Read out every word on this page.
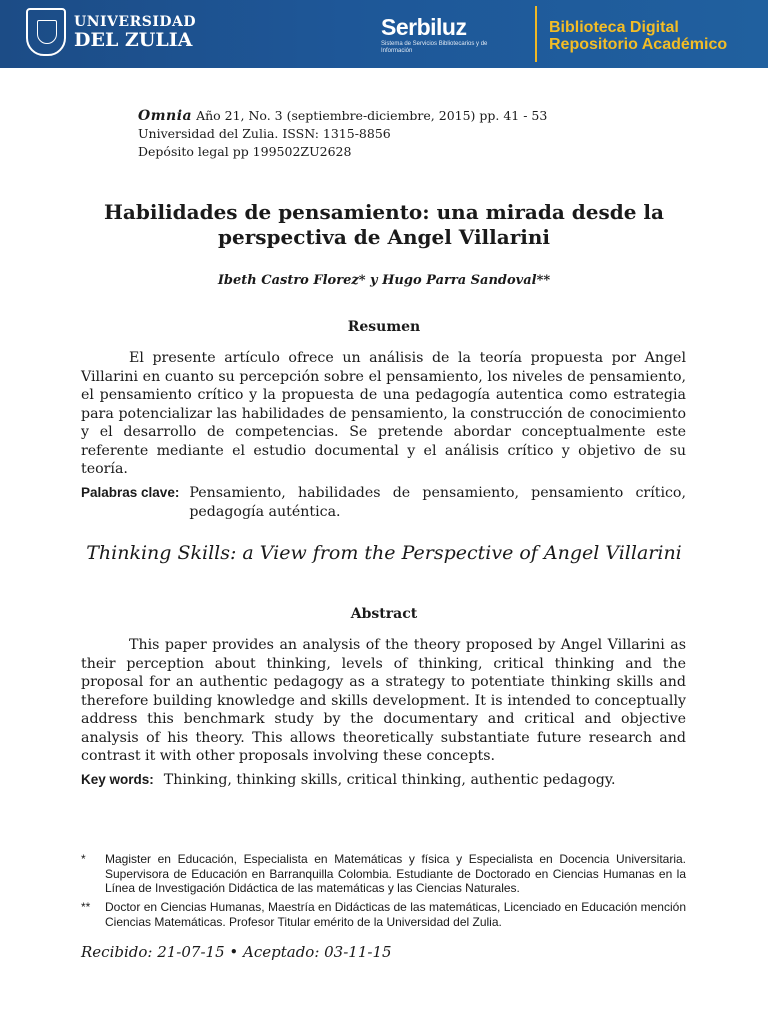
UNIVERSIDAD
DEL ZULIA	Serbiluz
Sistema de Servicios Bibliotecarios y de Información
Biblioteca Digital
Repositorio Académico
Omnia Año 21, No. 3 (septiembre-diciembre, 2015) pp. 41 - 53
Universidad del Zulia. ISSN: 1315-8856
Depósito legal pp 199502ZU2628
Habilidades de pensamiento: una mirada desde la perspectiva de Angel Villarini
Ibeth Castro Florez* y Hugo Parra Sandoval**
Resumen

El presente artículo ofrece un análisis de la teoría propuesta por Angel Villarini en cuanto su percepción sobre el pensamiento, los niveles de pensamiento, el pensamiento crítico y la propuesta de una pedagogía autentica como estrategia para potencializar las habilidades de pensamiento, la construcción de conocimiento y el desarrollo de competencias. Se pretende abordar conceptualmente este referente mediante el estudio documental y el análisis crítico y objetivo de su teoría.

Palabras clave: Pensamiento, habilidades de pensamiento, pensamiento crítico, pedagogía auténtica.
Thinking Skills: a View from the Perspective of Angel Villarini
Abstract

This paper provides an analysis of the theory proposed by Angel Villarini as their perception about thinking, levels of thinking, critical thinking and the proposal for an authentic pedagogy as a strategy to potentiate thinking skills and therefore building knowledge and skills development. It is intended to conceptually address this benchmark study by the documentary and critical and objective analysis of his theory. This allows theoretically substantiate future research and contrast it with other proposals involving these concepts.

Key words: Thinking, thinking skills, critical thinking, authentic pedagogy.
*	Magister en Educación, Especialista en Matemáticas y física y Especialista en Docencia Universitaria. Supervisora de Educación en Barranquilla Colombia. Estudiante de Doctorado en Ciencias Humanas en la Línea de Investigación Didáctica de las matemáticas y las Ciencias Naturales.
**	Doctor en Ciencias Humanas, Maestría en Didácticas de las matemáticas, Licenciado en Educación mención Ciencias Matemáticas. Profesor Titular emérito de la Universidad del Zulia.
Recibido: 21-07-15 • Aceptado: 03-11-15
